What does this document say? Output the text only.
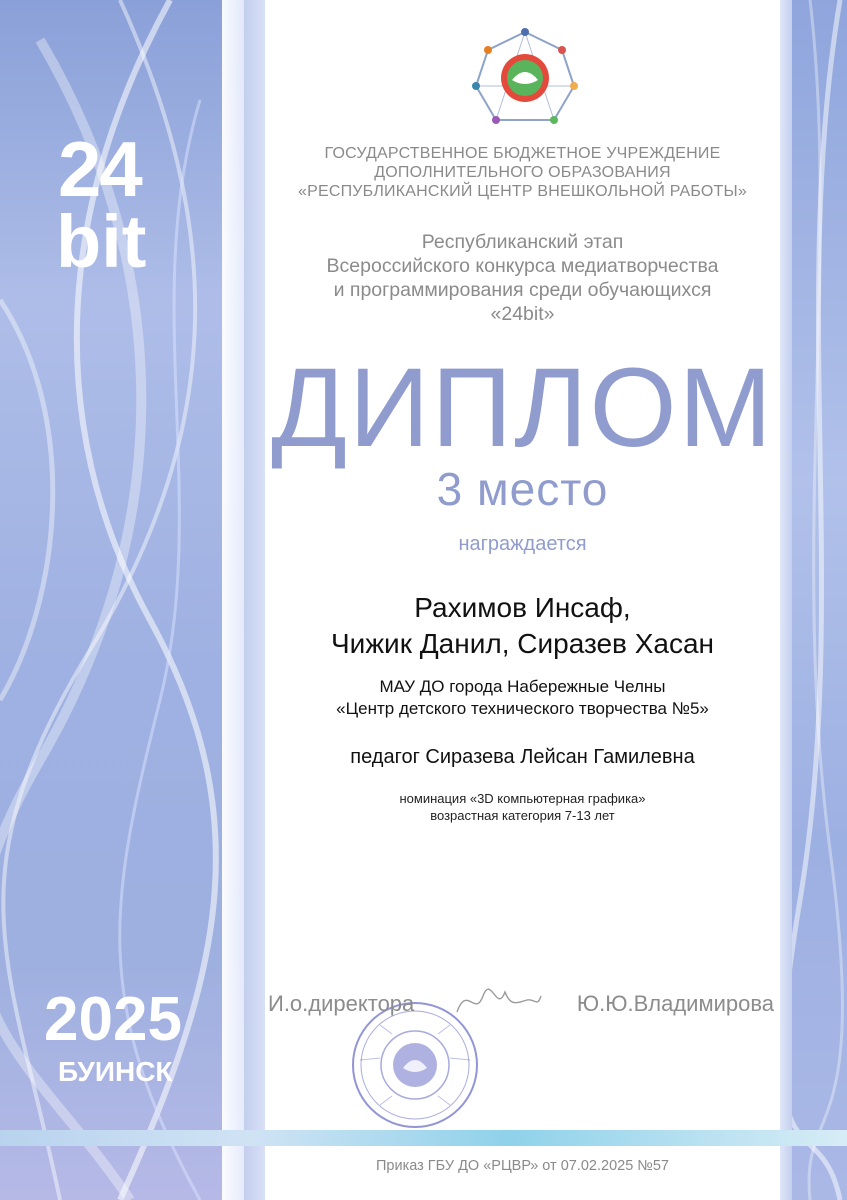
24
bit
2025
БУИНСК
ГОСУДАРСТВЕННОЕ БЮДЖЕТНОЕ УЧРЕЖДЕНИЕ
ДОПОЛНИТЕЛЬНОГО ОБРАЗОВАНИЯ
«РЕСПУБЛИКАНСКИЙ ЦЕНТР ВНЕШКОЛЬНОЙ РАБОТЫ»
Республиканский этап
Всероссийского конкурса медиатворчества
и программирования среди обучающихся
«24bit»
ДИПЛОМ
3 место
награждается
Рахимов Инсаф,
Чижик Данил, Сиразев Хасан
МАУ ДО города Набережные Челны
«Центр детского технического творчества №5»
педагог Сиразева Лейсан Гамилевна
номинация «3D компьютерная графика»
возрастная категория 7-13 лет
И.о.директора	Ю.Ю.Владимирова
Приказ ГБУ ДО «РЦВР» от 07.02.2025 №57
